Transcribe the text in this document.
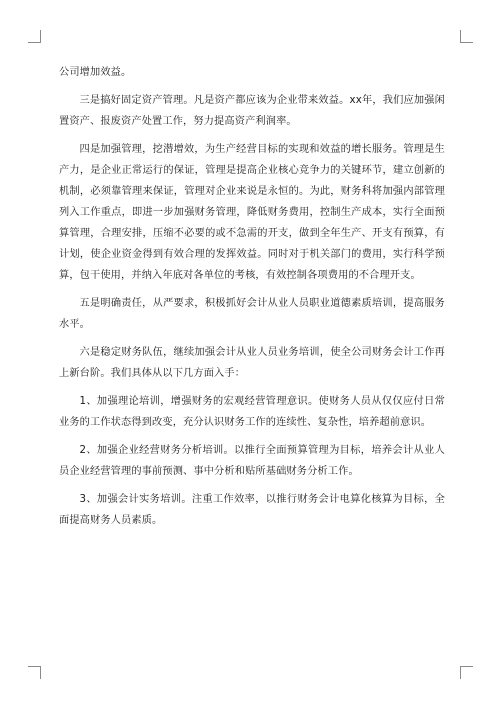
公司增加效益。

三是搞好固定资产管理。凡是资产都应该为企业带来效益。xx年，我们应加强闲置资产、报废资产处置工作，努力提高资产利润率。

四是加强管理，挖潜增效，为生产经营目标的实现和效益的增长服务。管理是生产力，是企业正常运行的保证，管理是提高企业核心竞争力的关键环节，建立创新的机制，必须靠管理来保证，管理对企业来说是永恒的。为此，财务科将加强内部管理列入工作重点，即进一步加强财务管理，降低财务费用，控制生产成本，实行全面预算管理，合理安排，压缩不必要的或不急需的开支，做到全年生产、开支有预算，有计划，使企业资金得到有效合理的发挥效益。同时对于机关部门的费用，实行科学预算，包干使用，并纳入年底对各单位的考核，有效控制各项费用的不合理开支。

五是明确责任，从严要求，积极抓好会计从业人员职业道德素质培训，提高服务水平。

六是稳定财务队伍，继续加强会计从业人员业务培训，使全公司财务会计工作再上新台阶。我们具体从以下几方面入手：

1、加强理论培训，增强财务的宏观经营管理意识。使财务人员从仅仅应付日常业务的工作状态得到改变，充分认识财务工作的连续性、复杂性，培养超前意识。

2、加强企业经营财务分析培训。以推行全面预算管理为目标，培养会计从业人员企业经营管理的事前预测、事中分析和贴所基础财务分析工作。

3、加强会计实务培训。注重工作效率，以推行财务会计电算化核算为目标，全面提高财务人员素质。
